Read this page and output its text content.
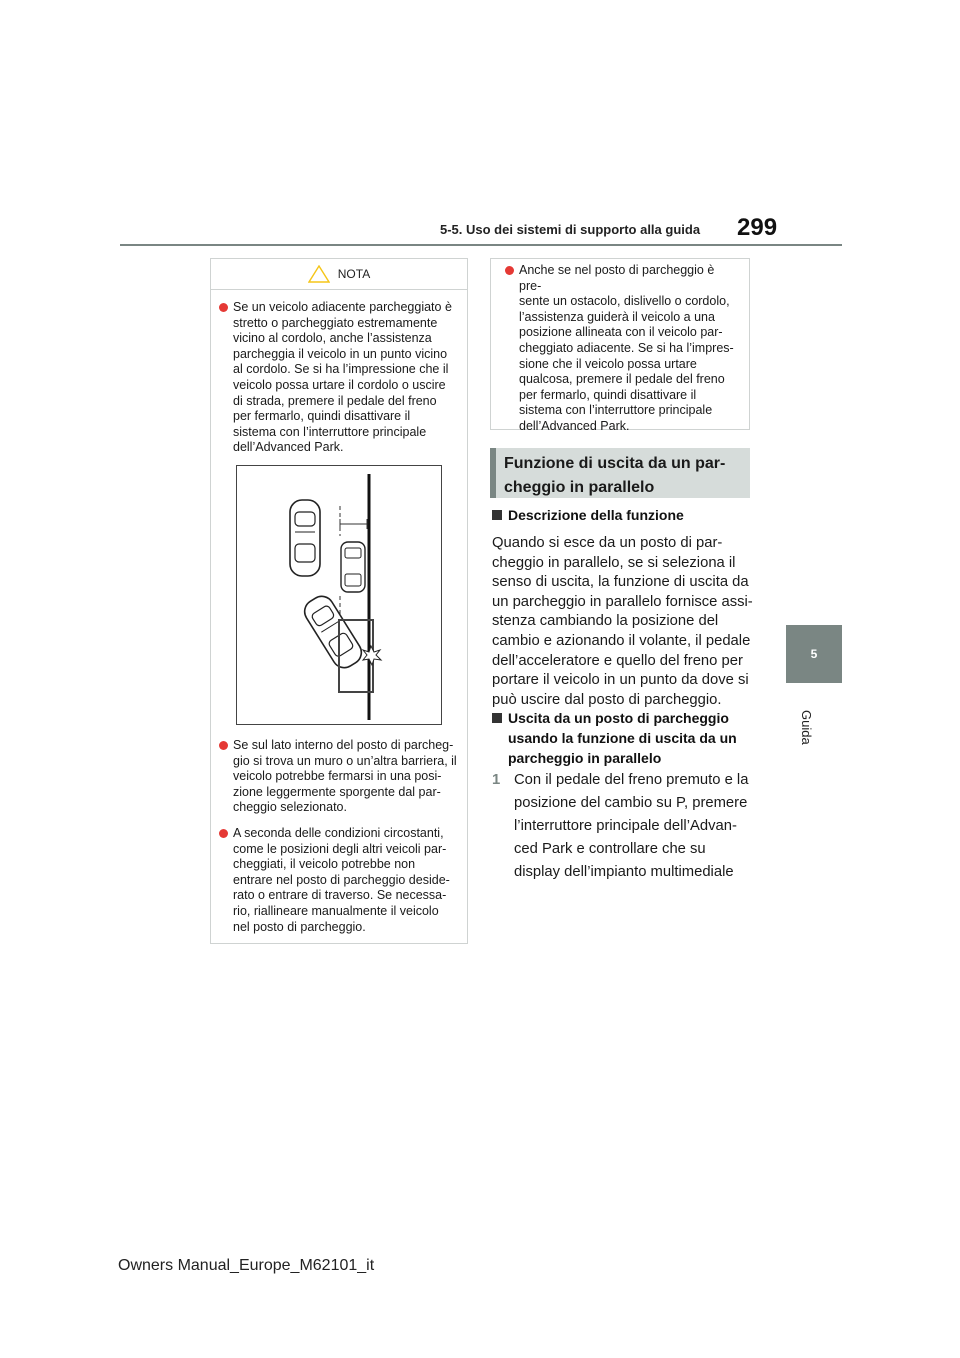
5-5. Uso dei sistemi di supporto alla guida 299
5
Guida
NOTA
Se un veicolo adiacente parcheggiato è
stretto o parcheggiato estremamente
vicino al cordolo, anche l’assistenza
parcheggia il veicolo in un punto vicino
al cordolo. Se si ha l’impressione che il
veicolo possa urtare il cordolo o uscire
di strada, premere il pedale del freno
per fermarlo, quindi disattivare il
sistema con l’interruttore principale
dell’Advanced Park.
Se sul lato interno del posto di parcheg-
gio si trova un muro o un’altra barriera, il
veicolo potrebbe fermarsi in una posi-
zione leggermente sporgente dal par-
cheggio selezionato.
A seconda delle condizioni circostanti,
come le posizioni degli altri veicoli par-
cheggiati, il veicolo potrebbe non
entrare nel posto di parcheggio deside-
rato o entrare di traverso. Se necessa-
rio, riallineare manualmente il veicolo
nel posto di parcheggio.
Anche se nel posto di parcheggio è pre-
sente un ostacolo, dislivello o cordolo,
l’assistenza guiderà il veicolo a una
posizione allineata con il veicolo par-
cheggiato adiacente. Se si ha l’impres-
sione che il veicolo possa urtare
qualcosa, premere il pedale del freno
per fermarlo, quindi disattivare il
sistema con l’interruttore principale
dell’Advanced Park.
Funzione di uscita da un par-
cheggio in parallelo
Descrizione della funzione
Quando si esce da un posto di par-
cheggio in parallelo, se si seleziona il
senso di uscita, la funzione di uscita da
un parcheggio in parallelo fornisce assi-
stenza cambiando la posizione del
cambio e azionando il volante, il pedale
dell’acceleratore e quello del freno per
portare il veicolo in un punto da dove si
può uscire dal posto di parcheggio.
Uscita da un posto di parcheggio
usando la funzione di uscita da un
parcheggio in parallelo
1 Con il pedale del freno premuto e la
posizione del cambio su P, premere
l’interruttore principale dell’Advan-
ced Park e controllare che su
display dell’impianto multimediale
Owners Manual_Europe_M62101_it
